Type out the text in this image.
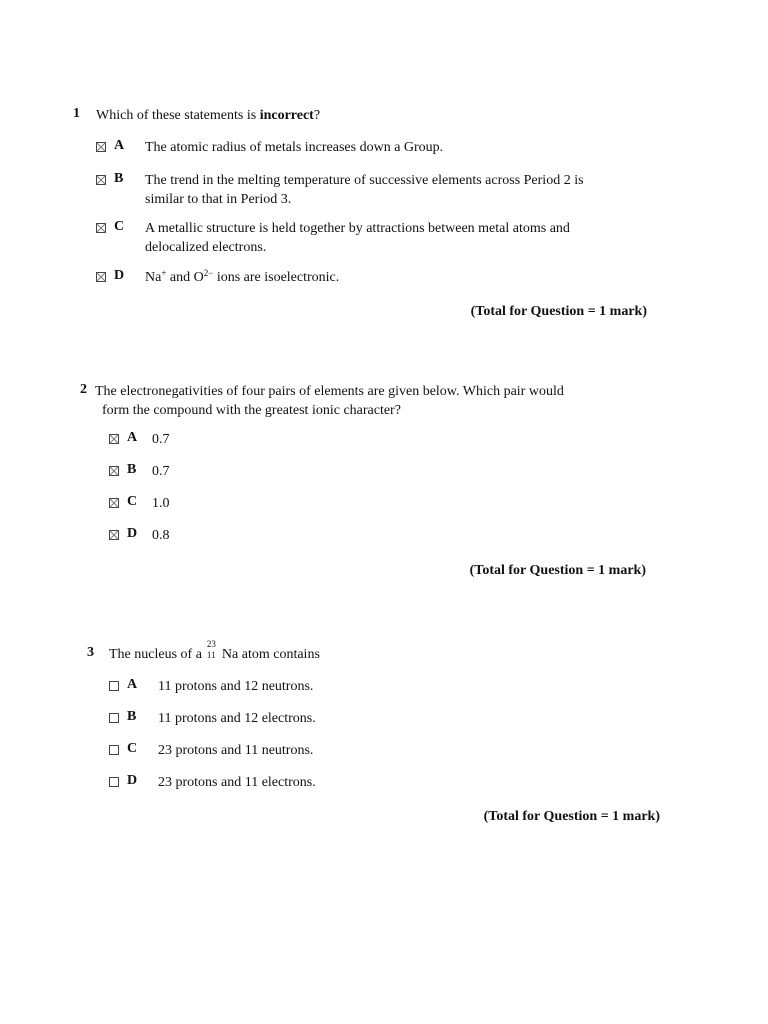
1 Which of these statements is incorrect?
A The atomic radius of metals increases down a Group.
B The trend in the melting temperature of successive elements across Period 2 is
similar to that in Period 3.
C A metallic structure is held together by attractions between metal atoms and
delocalized electrons.
D Na+ and $O^{2-}$ ions are isoelectronic.
(Total for Question = 1 mark)
2 The electronegativities of four pairs of elements are given below. Which pair would
form the compound with the greatest ionic character?
A 0.7
B 0.7
C 1.0
D 0.8
(Total for Question = 1 mark)
3 The nucleus of a
23
11 Na atom contains
A 11 protons and 12 neutrons.
B 11 protons and 12 electrons.
C 23 protons and 11 neutrons.
D 23 protons and 11 electrons.
(Total for Question = 1 mark)
